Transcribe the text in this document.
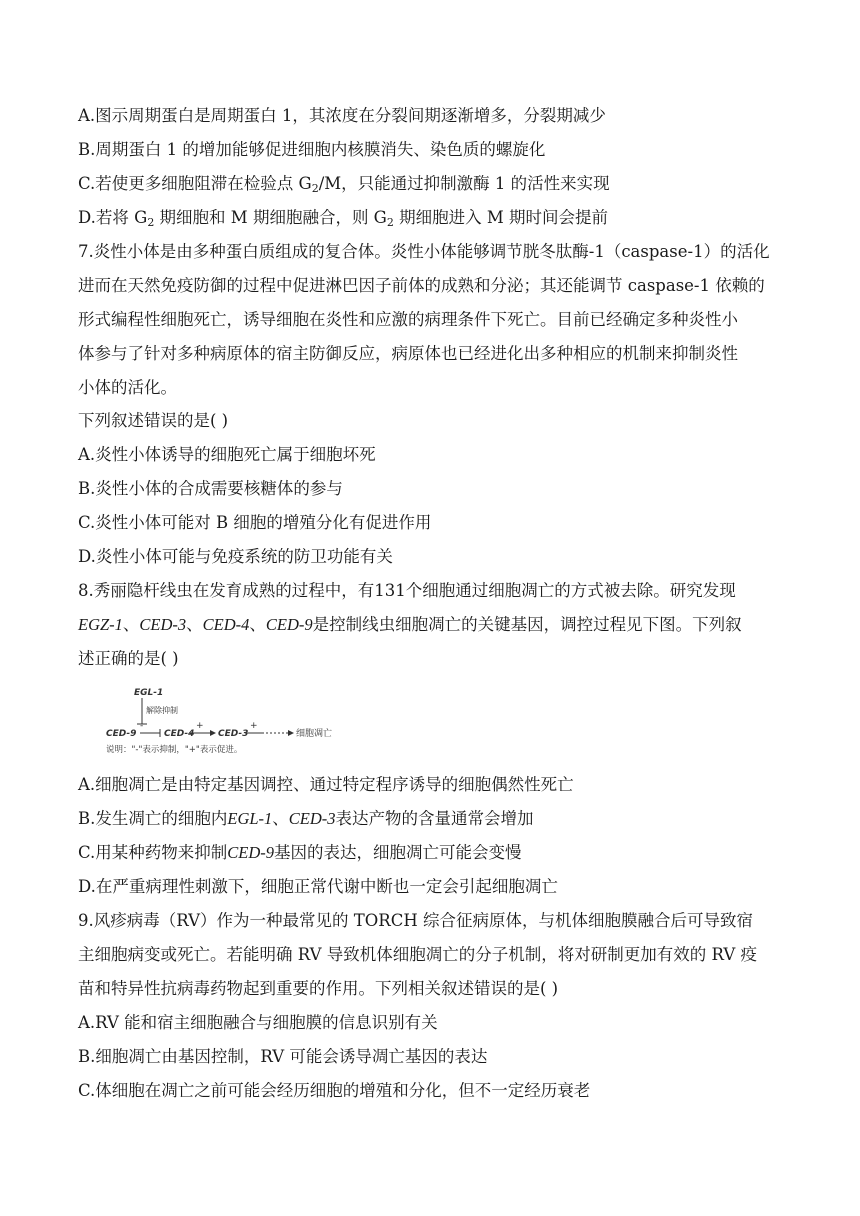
A.图示周期蛋白是周期蛋白 1，其浓度在分裂间期逐渐增多，分裂期减少
B.周期蛋白 1 的增加能够促进细胞内核膜消失、染色质的螺旋化
C.若使更多细胞阻滞在检验点 $G_2/M$，只能通过抑制激酶 1 的活性来实现
D.若将 $G_2$ 期细胞和 M 期细胞融合，则 $G_2$ 期细胞进入 M 期时间会提前
7.炎性小体是由多种蛋白质组成的复合体。炎性小体能够调节胱冬肽酶-1（caspase-1）的活化
进而在天然免疫防御的过程中促进淋巴因子前体的成熟和分泌；其还能调节 caspase-1 依赖的
形式编程性细胞死亡，诱导细胞在炎性和应激的病理条件下死亡。目前已经确定多种炎性小
体参与了针对多种病原体的宿主防御反应，病原体也已经进化出多种相应的机制来抑制炎性
小体的活化。
下列叙述错误的是( )
A.炎性小体诱导的细胞死亡属于细胞坏死
B.炎性小体的合成需要核糖体的参与
C.炎性小体可能对 B 细胞的增殖分化有促进作用
D.炎性小体可能与免疫系统的防卫功能有关
8.秀丽隐杆线虫在发育成熟的过程中，有131个细胞通过细胞凋亡的方式被去除。研究发现
EGZ-1、CED-3、CED-4、CED-9是控制线虫细胞凋亡的关键基因，调控过程见下图。下列叙
述正确的是( )
EGL-1
解除抑制
-
CED-9	CED-4
+
CED-3
+
细胞凋亡
说明："-"表示抑制，"+"表示促进。
A.细胞凋亡是由特定基因调控、通过特定程序诱导的细胞偶然性死亡
B.发生凋亡的细胞内EGL-1、CED-3表达产物的含量通常会增加
C.用某种药物来抑制CED-9基因的表达，细胞凋亡可能会变慢
D.在严重病理性刺激下，细胞正常代谢中断也一定会引起细胞凋亡
9.风疹病毒（RV）作为一种最常见的 TORCH 综合征病原体，与机体细胞膜融合后可导致宿
主细胞病变或死亡。若能明确 RV 导致机体细胞凋亡的分子机制，将对研制更加有效的 RV 疫
苗和特异性抗病毒药物起到重要的作用。下列相关叙述错误的是( )
A.RV 能和宿主细胞融合与细胞膜的信息识别有关
B.细胞凋亡由基因控制，RV 可能会诱导凋亡基因的表达
C.体细胞在凋亡之前可能会经历细胞的增殖和分化，但不一定经历衰老
